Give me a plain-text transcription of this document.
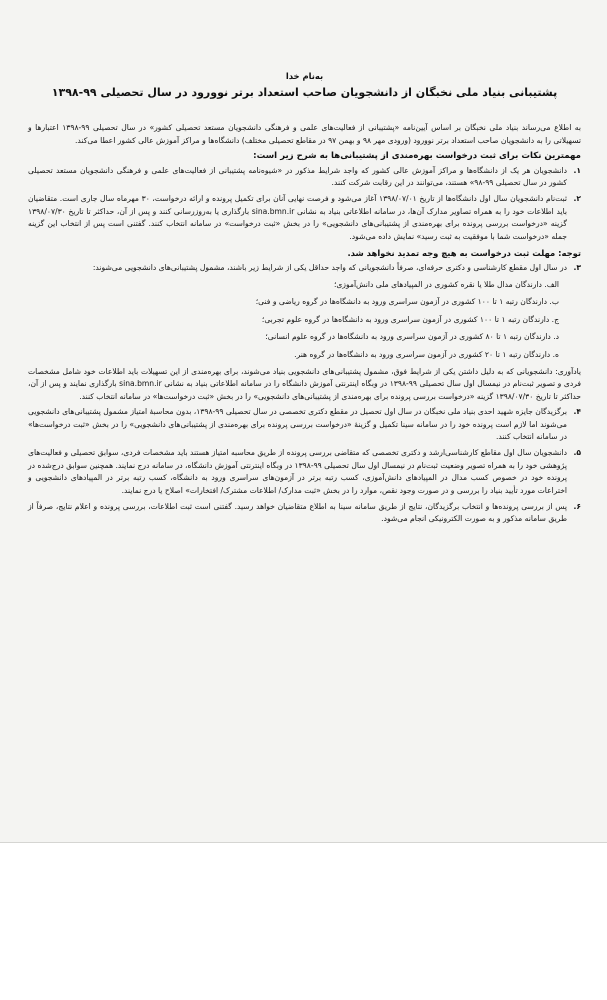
به‌نام خدا
پشتیبانی بنیاد ملی نخبگان از دانشجویان صاحب استعداد برتر نوورود در سال تحصیلی ۹۹-۱۳۹۸

به اطلاع می‌رساند بنیاد ملی نخبگان بر اساس آیین‌نامه «پشتیبانی از فعالیت‌های علمی و فرهنگی دانشجویان مستعد تحصیلی کشور» در سال تحصیلی ۹۹-۱۳۹۸ اعتبارها و تسهیلاتی را به دانشجویان صاحب استعداد برتر نوورود (ورودی مهر ۹۸ و بهمن ۹۷ در مقاطع تحصیلی مختلف) دانشگاه‌ها و مراکز آموزش عالی کشور اعطا می‌کند.

مهمترین نکات برای ثبت درخواست بهره‌مندی از پشتیبانی‌ها به شرح زیر است:
۱.
دانشجویان هر یک از دانشگاه‌ها و مراکز آموزش عالی کشور که واجد شرایط مذکور در «شیوه‌نامه پشتیبانی از فعالیت‌های علمی و فرهنگی دانشجویان مستعد تحصیلی کشور در سال تحصیلی ۹۹-۹۸» هستند، می‌توانند در این رقابت شرکت کنند.
۲.
ثبت‌نام دانشجویان سال اول دانشگاه‌ها از تاریخ ۱۳۹۸/۰۷/۰۱ آغاز می‌شود و فرصت نهایی آنان برای تکمیل پرونده و ارائه درخواست، ۳۰ مهرماه سال جاری است. متقاضیان باید اطلاعات خود را به همراه تصاویر مدارک آن‌ها، در سامانه اطلاعاتی بنیاد به نشانی sina.bmn.ir بارگذاری یا به‌روزرسانی کنند و پس از آن، حداکثر تا تاریخ ۱۳۹۸/۰۷/۳۰ گزینه «درخواست بررسی پرونده برای بهره‌مندی از پشتیبانی‌های دانشجویی» را در بخش «ثبت درخواست» در سامانه انتخاب کنند. گفتنی است پس از انتخاب این گزینه جمله «درخواست شما با موفقیت به ثبت رسید» نمایش داده می‌شود.
توجه: مهلت ثبت درخواست به هیچ وجه تمدید نخواهد شد.
۳.
در سال اول مقطع کارشناسی و دکتری حرفه‌ای، صرفاً دانشجویانی که واجد حداقل یکی از شرایط زیر باشند، مشمول پشتیبانی‌های دانشجویی می‌شوند:
الف. دارندگان مدال طلا یا نقره کشوری در المپیادهای ملی دانش‌آموزی؛
ب. دارندگان رتبه ۱ تا ۱۰۰ کشوری در آزمون سراسری ورود به دانشگاه‌ها در گروه ریاضی و فنی؛
ج. دارندگان رتبه ۱ تا ۱۰۰ کشوری در آزمون سراسری ورود به دانشگاه‌ها در گروه علوم تجربی؛
د. دارندگان رتبه ۱ تا ۸۰ کشوری در آزمون سراسری ورود به دانشگاه‌ها در گروه علوم انسانی؛
ه. دارندگان رتبه ۱ تا ۲۰ کشوری در آزمون سراسری ورود به دانشگاه‌ها در گروه هنر.

یادآوری: دانشجویانی که به دلیل داشتن یکی از شرایط فوق، مشمول پشتیبانی‌های دانشجویی بنیاد می‌شوند، برای بهره‌مندی از این تسهیلات باید اطلاعات خود شامل مشخصات فردی و تصویر ثبت‌نام در نیمسال اول سال تحصیلی ۹۹-۱۳۹۸ در وبگاه اینترنتی آموزش دانشگاه را در سامانه اطلاعاتی بنیاد به نشانی sina.bmn.ir بارگذاری نمایند و پس از آن، حداکثر تا تاریخ ۱۳۹۸/۰۷/۳۰ گزینه «درخواست بررسی پرونده برای بهره‌مندی از پشتیبانی‌های دانشجویی» را در بخش «ثبت درخواست‌ها» در سامانه انتخاب کنند.

۴.
برگزیدگان جایزه شهید احدی بنیاد ملی نخبگان در سال اول تحصیل در مقطع دکتری تخصصی در سال تحصیلی ۹۹-۱۳۹۸، بدون محاسبهٔ امتیاز مشمول پشتیبانی‌های دانشجویی می‌شوند اما لازم است پرونده خود را در سامانه سینا تکمیل و گزینهٔ «درخواست بررسی پرونده برای بهره‌مندی از پشتیبانی‌های دانشجویی» را در بخش «ثبت درخواست‌ها» در سامانه انتخاب کنند.
۵.
دانشجویان سال اول مقاطع کارشناسی‌ارشد و دکتری تخصصی که متقاضی بررسی پرونده از طریق محاسبه امتیاز هستند باید مشخصات فردی، سوابق تحصیلی و فعالیت‌های پژوهشی خود را به همراه تصویر وضعیت ثبت‌نام در نیمسال اول سال تحصیلی ۹۹-۱۳۹۸ در وبگاه اینترنتی آموزش دانشگاه، در سامانه درج نمایند. همچنین سوابق درج‌شده در پرونده خود در خصوص کسب مدال در المپیادهای دانش‌آموزی، کسب رتبه برتر در آزمون‌های سراسری ورود به دانشگاه، کسب رتبه برتر در المپیادهای دانشجویی و اختراعات مورد تأیید بنیاد را بررسی و در صورت وجود نقص، موارد را در بخش «ثبت مدارک/ اطلاعات مشترک/ افتخارات» اصلاح یا درج نمایند.
۶.
پس از بررسی پرونده‌ها و انتخاب برگزیدگان، نتایج از طریق سامانه سینا به اطلاع متقاضیان خواهد رسید. گفتنی است ثبت اطلاعات، بررسی پرونده و اعلام نتایج، صرفاً از طریق سامانه مذکور و به صورت الکترونیکی انجام می‌شود.
